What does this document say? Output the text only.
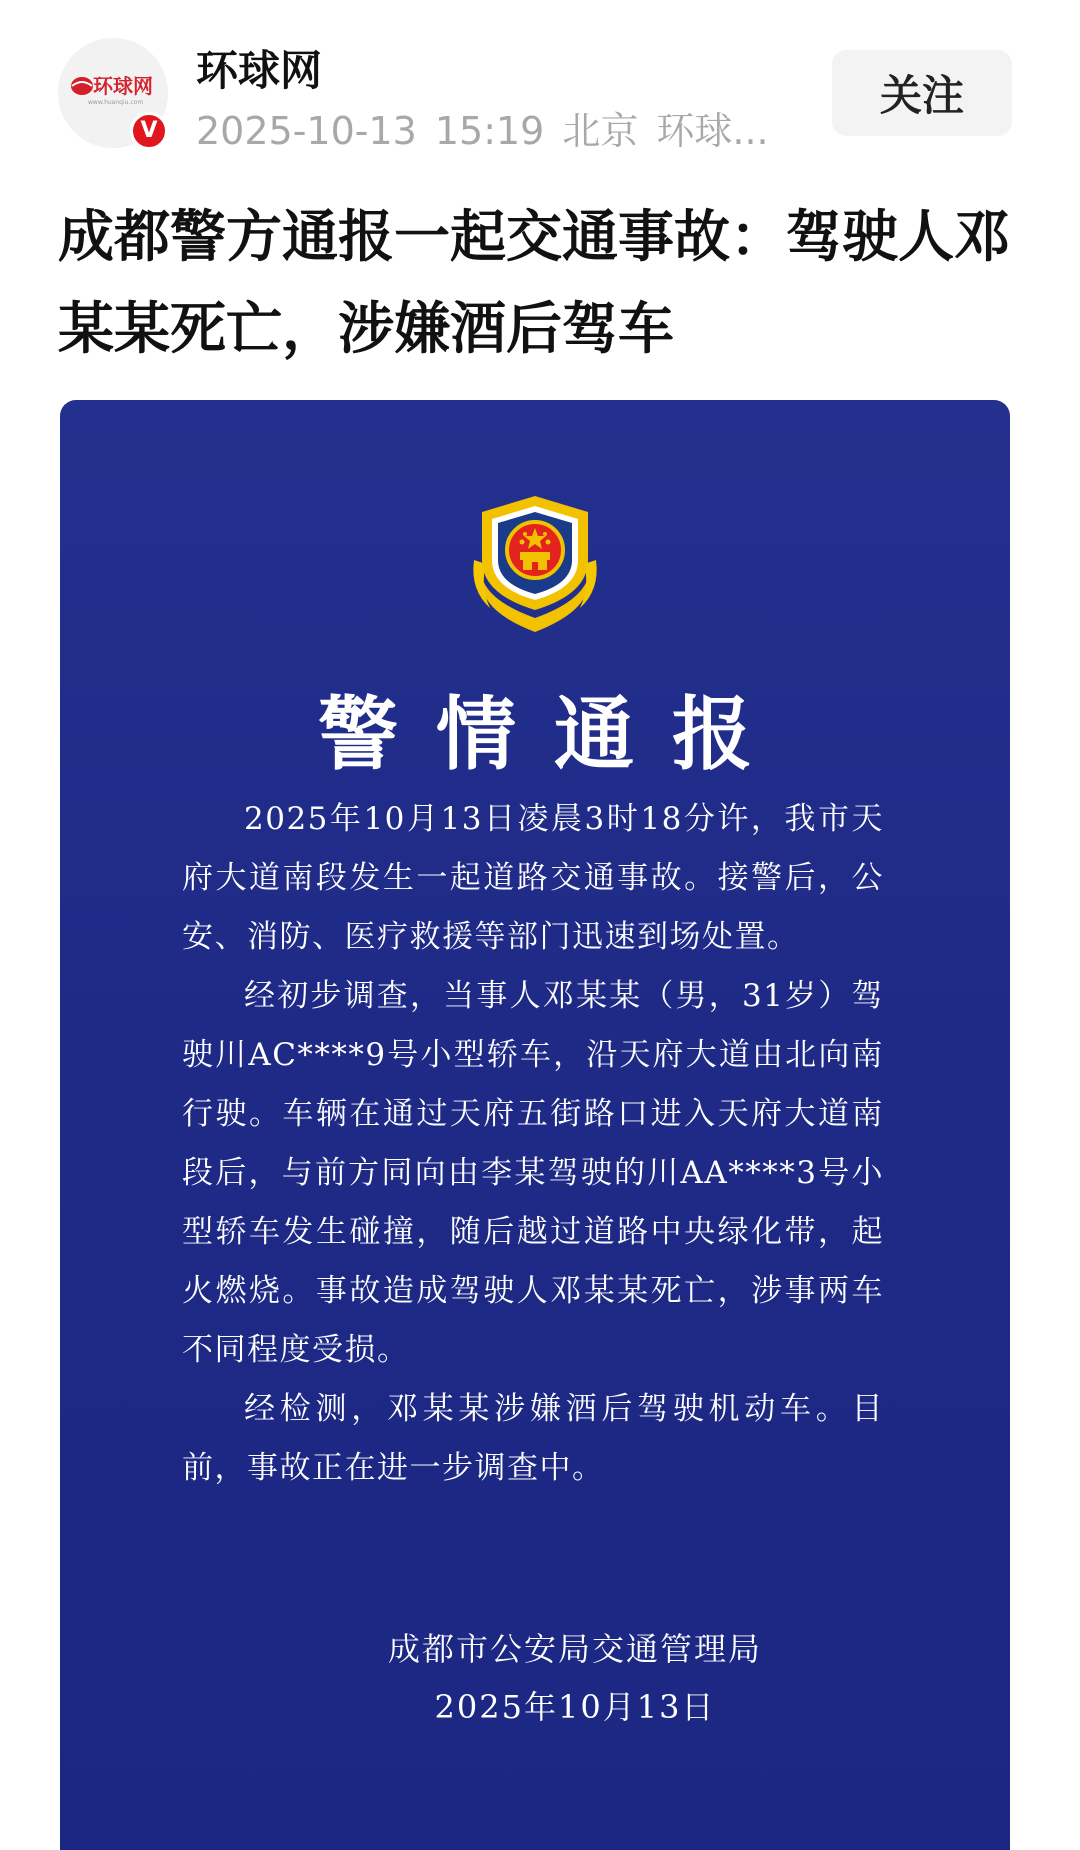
环球网
www.huanqiu.com
V
环球网
2025-10-13 15:19 北京 环球...
关注
成都警方通报一起交通事故：驾驶人邓某某死亡，涉嫌酒后驾车
警情通报

2025年10月13日凌晨3时18分许，我市天府大道南段发生一起道路交通事故。接警后，公安、消防、医疗救援等部门迅速到场处置。

经初步调查，当事人邓某某（男，31岁）驾驶川AC****9号小型轿车，沿天府大道由北向南行驶。车辆在通过天府五街路口进入天府大道南段后，与前方同向由李某驾驶的川AA****3号小型轿车发生碰撞，随后越过道路中央绿化带，起火燃烧。事故造成驾驶人邓某某死亡，涉事两车不同程度受损。

经检测，邓某某涉嫌酒后驾驶机动车。目前，事故正在进一步调查中。

成都市公安局交通管理局
2025年10月13日
